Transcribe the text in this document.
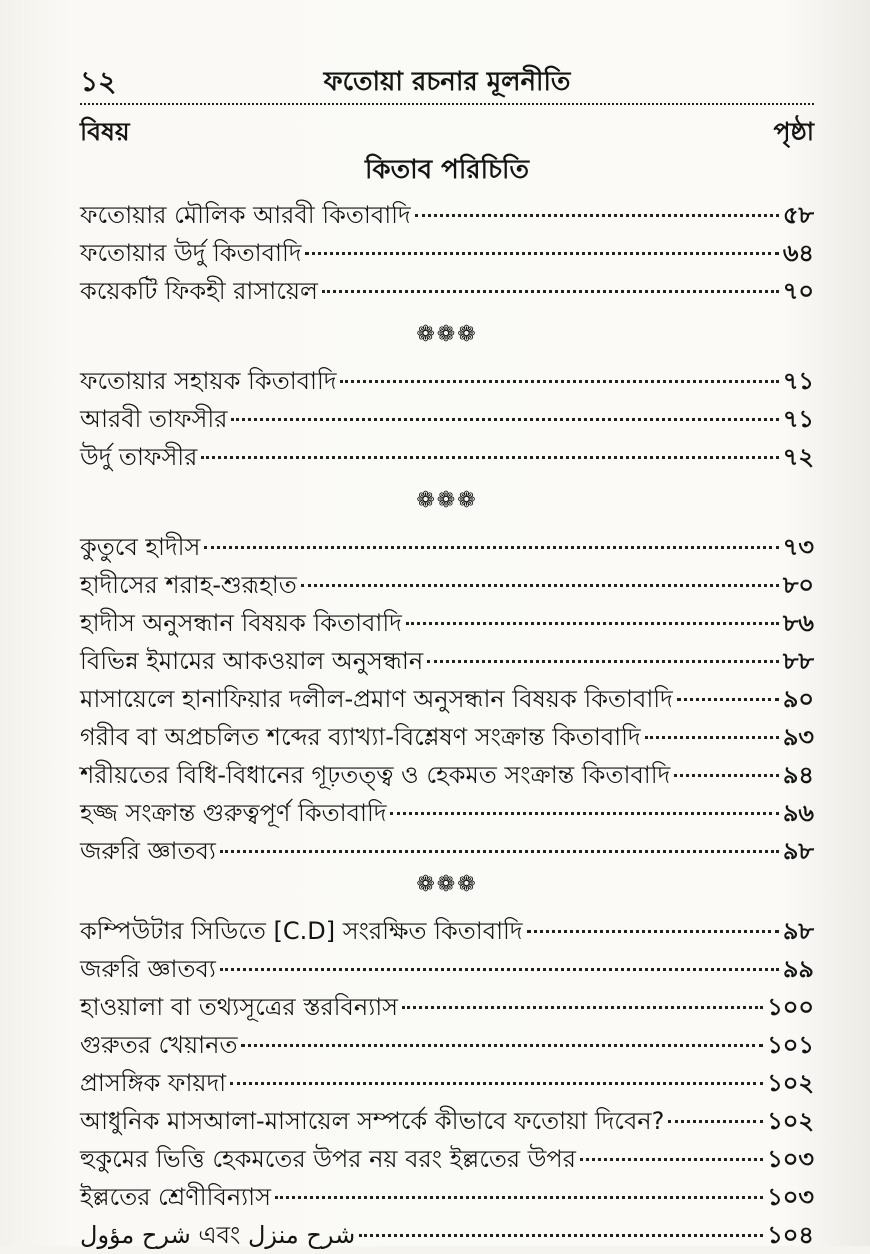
১২	ফতোয়া রচনার মূলনীতি
বিষয়	পৃষ্ঠা
কিতাব পরিচিতি
ফতোয়ার মৌলিক আরবী কিতাবাদি	৫৮
ফতোয়ার উর্দু কিতাবাদি	৬৪
কয়েকটি ফিকহী রাসায়েল	৭০
❁❁❁
ফতোয়ার সহায়ক কিতাবাদি	৭১
আরবী তাফসীর	৭১
উর্দু তাফসীর	৭২
❁❁❁
কুতুবে হাদীস	৭৩
হাদীসের শরাহ-শুরূহাত	৮০
হাদীস অনুসন্ধান বিষয়ক কিতাবাদি	৮৬
বিভিন্ন ইমামের আকওয়াল অনুসন্ধান	৮৮
মাসায়েলে হানাফিয়ার দলীল-প্রমাণ অনুসন্ধান বিষয়ক কিতাবাদি	৯০
গরীব বা অপ্রচলিত শব্দের ব্যাখ্যা-বিশ্লেষণ সংক্রান্ত কিতাবাদি	৯৩
শরীয়তের বিধি-বিধানের গূঢ়তত্ত্ব ও হেকমত সংক্রান্ত কিতাবাদি	৯৪
হজ্জ সংক্রান্ত গুরুত্বপূর্ণ কিতাবাদি	৯৬
জরুরি জ্ঞাতব্য	৯৮
❁❁❁
কম্পিউটার সিডিতে [C.D] সংরক্ষিত কিতাবাদি	৯৮
জরুরি জ্ঞাতব্য	৯৯
হাওয়ালা বা তথ্যসূত্রের স্তরবিন্যাস	১০০
গুরুতর খেয়ানত	১০১
প্রাসঙ্গিক ফায়দা	১০২
আধুনিক মাসআলা-মাসায়েল সম্পর্কে কীভাবে ফতোয়া দিবেন?	১০২
হুকুমের ভিত্তি হেকমতের উপর নয় বরং ইল্লতের উপর	১০৩
ইল্লতের শ্রেণীবিন্যাস	১০৩
شرح مؤول এবং شرح منزل	১০৪
